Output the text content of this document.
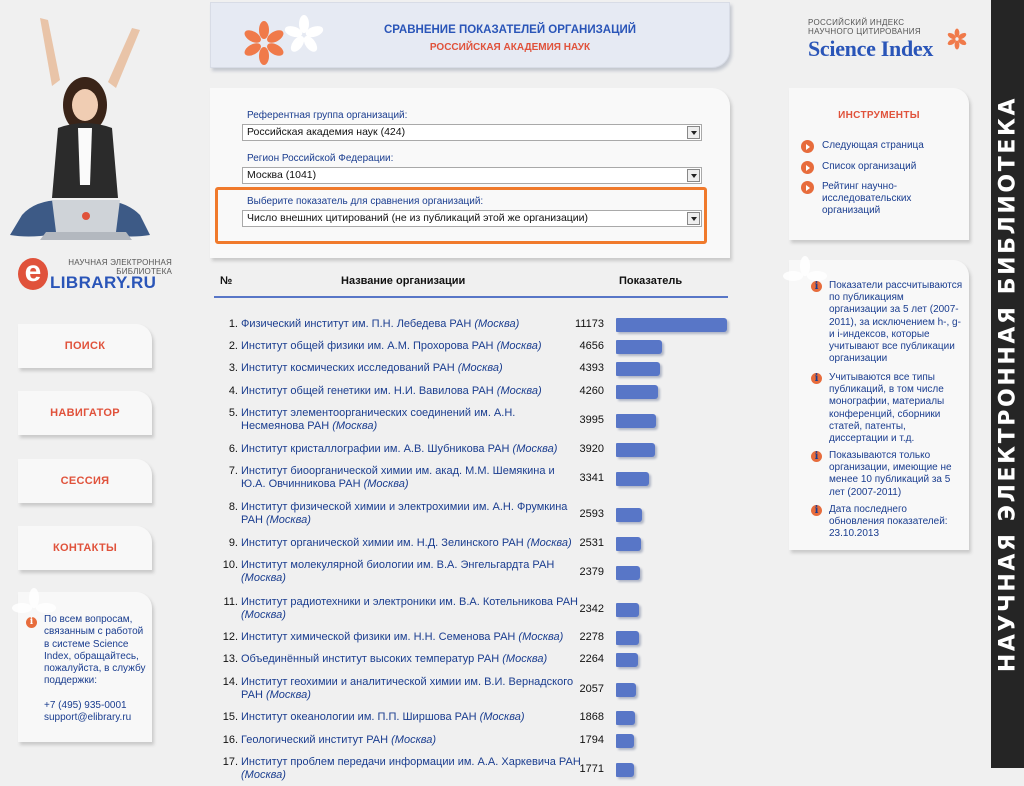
НАУЧНАЯ ЭЛЕКТРОННАЯ БИБЛИОТЕКА
e	НАУЧНАЯ ЭЛЕКТРОННАЯ БИБЛИОТЕКА
LIBRARY.RU
ПОИСК
НАВИГАТОР
СЕССИЯ
КОНТАКТЫ
i	По всем вопросам, связанным с работой в системе Science Index, обращайтесь, пожалуйста, в службу поддержки:
+7 (495) 935-0001
support@elibrary.ru
СРАВНЕНИЕ ПОКАЗАТЕЛЕЙ ОРГАНИЗАЦИЙ
РОССИЙСКАЯ АКАДЕМИЯ НАУК
Референтная группа организаций:
Российская академия наук (424)
Регион Российской Федерации:
Москва (1041)
Выберите показатель для сравнения организаций:
Число внешних цитирований (не из публикаций этой же организации)
№	Название организации	Показатель
1. Физический институт им. П.Н. Лебедева РАН (Москва)	11173
2. Институт общей физики им. А.М. Прохорова РАН (Москва)	4656
3. Институт космических исследований РАН (Москва)	4393
4. Институт общей генетики им. Н.И. Вавилова РАН (Москва)	4260
5. Институт элементоорганических соединений им. А.Н. Несмеянова РАН (Москва)	3995
6. Институт кристаллографии им. А.В. Шубникова РАН (Москва)	3920
7. Институт биоорганической химии им. акад. М.М. Шемякина и Ю.А. Овчинникова РАН (Москва)	3341
8. Институт физической химии и электрохимии им. А.Н. Фрумкина РАН (Москва)	2593
9. Институт органической химии им. Н.Д. Зелинского РАН (Москва) 2531
10. Институт молекулярной биологии им. В.А. Энгельгардта РАН (Москва)	2379
11. Институт радиотехники и электроники им. В.А. Котельникова РАН (Москва)	2342
12. Институт химической физики им. Н.Н. Семенова РАН (Москва)	2278
13. Объединённый институт высоких температур РАН (Москва)	2264
14. Институт геохимии и аналитической химии им. В.И. Вернадского РАН (Москва)	2057
15. Институт океанологии им. П.П. Ширшова РАН (Москва)	1868
16. Геологический институт РАН (Москва)	1794
17. Институт проблем передачи информации им. А.А. Харкевича РАН (Москва)	1771
РОССИЙСКИЙ ИНДЕКС
НАУЧНОГО ЦИТИРОВАНИЯ
Science Index
ИНСТРУМЕНТЫ
Следующая страница
Список организаций
Рейтинг научно-исследовательских организаций
i	Показатели рассчитываются по публикациям организации за 5 лет (2007-2011), за исключением h-, g- и i-индексов, которые учитывают все публикации организации
i	Учитываются все типы публикаций, в том числе монографии, материалы конференций, сборники статей, патенты, диссертации и т.д.
i	Показываются только организации, имеющие не менее 10 публикаций за 5 лет (2007-2011)
i	Дата последнего обновления показателей: 23.10.2013
